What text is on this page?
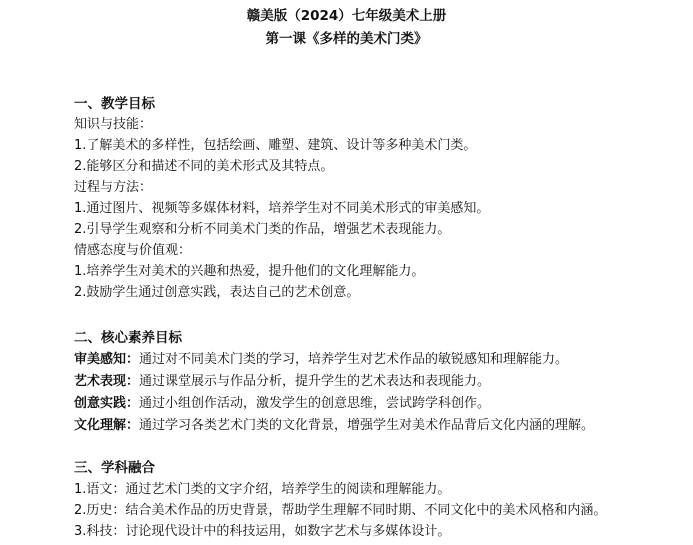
赣美版（2024）七年级美术上册
第一课《多样的美术门类》
一、教学目标
知识与技能：
1.了解美术的多样性，包括绘画、雕塑、建筑、设计等多种美术门类。
2.能够区分和描述不同的美术形式及其特点。
过程与方法：
1.通过图片、视频等多媒体材料，培养学生对不同美术形式的审美感知。
2.引导学生观察和分析不同美术门类的作品，增强艺术表现能力。
情感态度与价值观：
1.培养学生对美术的兴趣和热爱，提升他们的文化理解能力。
2.鼓励学生通过创意实践，表达自己的艺术创意。
二、核心素养目标
审美感知：通过对不同美术门类的学习，培养学生对艺术作品的敏锐感知和理解能力。
艺术表现：通过课堂展示与作品分析，提升学生的艺术表达和表现能力。
创意实践：通过小组创作活动，激发学生的创意思维，尝试跨学科创作。
文化理解：通过学习各类艺术门类的文化背景，增强学生对美术作品背后文化内涵的理解。
三、学科融合
1.语文：通过艺术门类的文字介绍，培养学生的阅读和理解能力。
2.历史：结合美术作品的历史背景，帮助学生理解不同时期、不同文化中的美术风格和内涵。
3.科技：讨论现代设计中的科技运用，如数字艺术与多媒体设计。
